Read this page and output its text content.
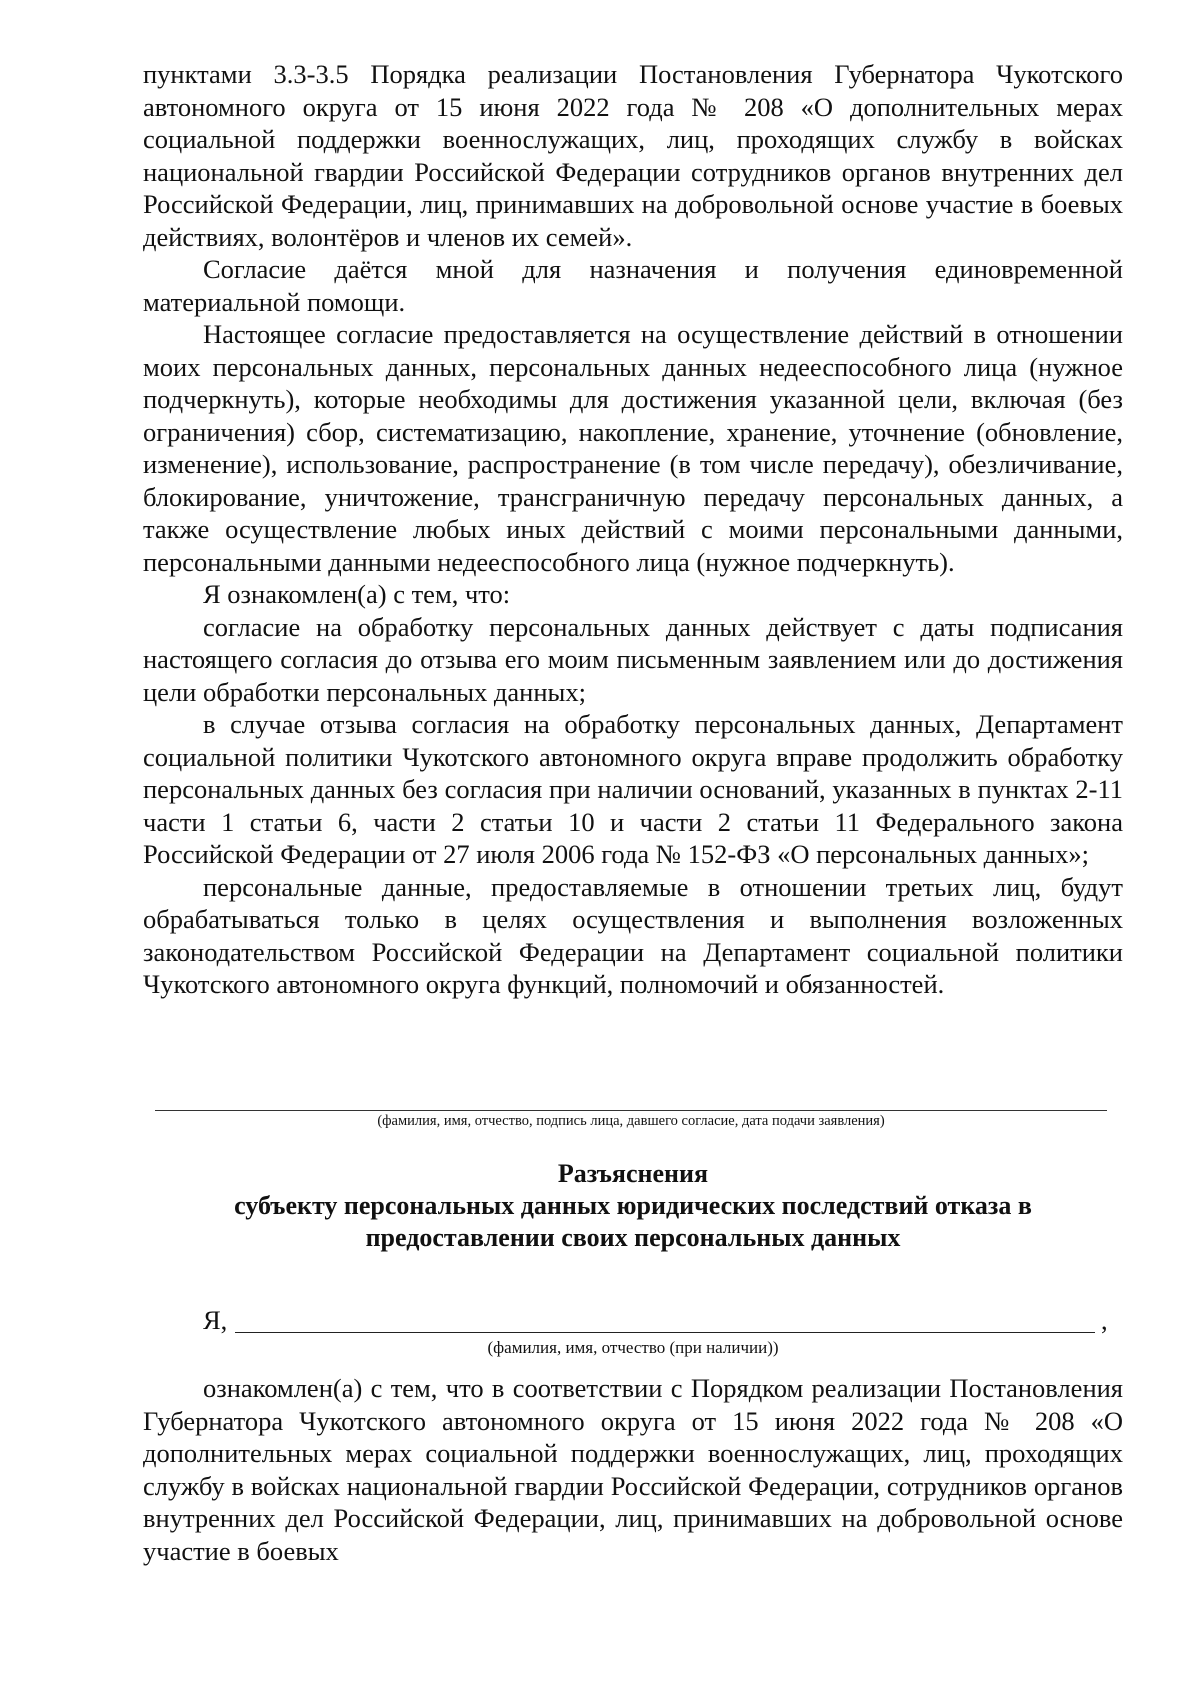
пунктами 3.3-3.5 Порядка реализации Постановления Губернатора Чукотского автономного округа от 15 июня 2022 года № 208 «О дополнительных мерах социальной поддержки военнослужащих, лиц, проходящих службу в войсках национальной гвардии Российской Федерации сотрудников органов внутренних дел Российской Федерации, лиц, принимавших на добровольной основе участие в боевых действиях, волонтёров и членов их семей».

Согласие даётся мной для назначения и получения единовременной материальной помощи.

Настоящее согласие предоставляется на осуществление действий в отношении моих персональных данных, персональных данных недееспособного лица (нужное подчеркнуть), которые необходимы для достижения указанной цели, включая (без ограничения) сбор, систематизацию, накопление, хранение, уточнение (обновление, изменение), использование, распространение (в том числе передачу), обезличивание, блокирование, уничтожение, трансграничную передачу персональных данных, а также осуществление любых иных действий с моими персональными данными, персональными данными недееспособного лица (нужное подчеркнуть).

Я ознакомлен(а) с тем, что:

согласие на обработку персональных данных действует с даты подписания настоящего согласия до отзыва его моим письменным заявлением или до достижения цели обработки персональных данных;

в случае отзыва согласия на обработку персональных данных, Департамент социальной политики Чукотского автономного округа вправе продолжить обработку персональных данных без согласия при наличии оснований, указанных в пунктах 2-11 части 1 статьи 6, части 2 статьи 10 и части 2 статьи 11 Федерального закона Российской Федерации от 27 июля 2006 года № 152-ФЗ «О персональных данных»;

персональные данные, предоставляемые в отношении третьих лиц, будут обрабатываться только в целях осуществления и выполнения возложенных законодательством Российской Федерации на Департамент социальной политики Чукотского автономного округа функций, полномочий и обязанностей.

(фамилия, имя, отчество, подпись лица, давшего согласие, дата подачи заявления)

Разъяснения

субъекту персональных данных юридических последствий отказа в

предоставлении своих персональных данных

Я,	,
(фамилия, имя, отчество (при наличии))

ознакомлен(а) с тем, что в соответствии с Порядком реализации Постановления Губернатора Чукотского автономного округа от 15 июня 2022 года № 208 «О дополнительных мерах социальной поддержки военнослужащих, лиц, проходящих службу в войсках национальной гвардии Российской Федерации, сотрудников органов внутренних дел Российской Федерации, лиц, принимавших на добровольной основе участие в боевых
